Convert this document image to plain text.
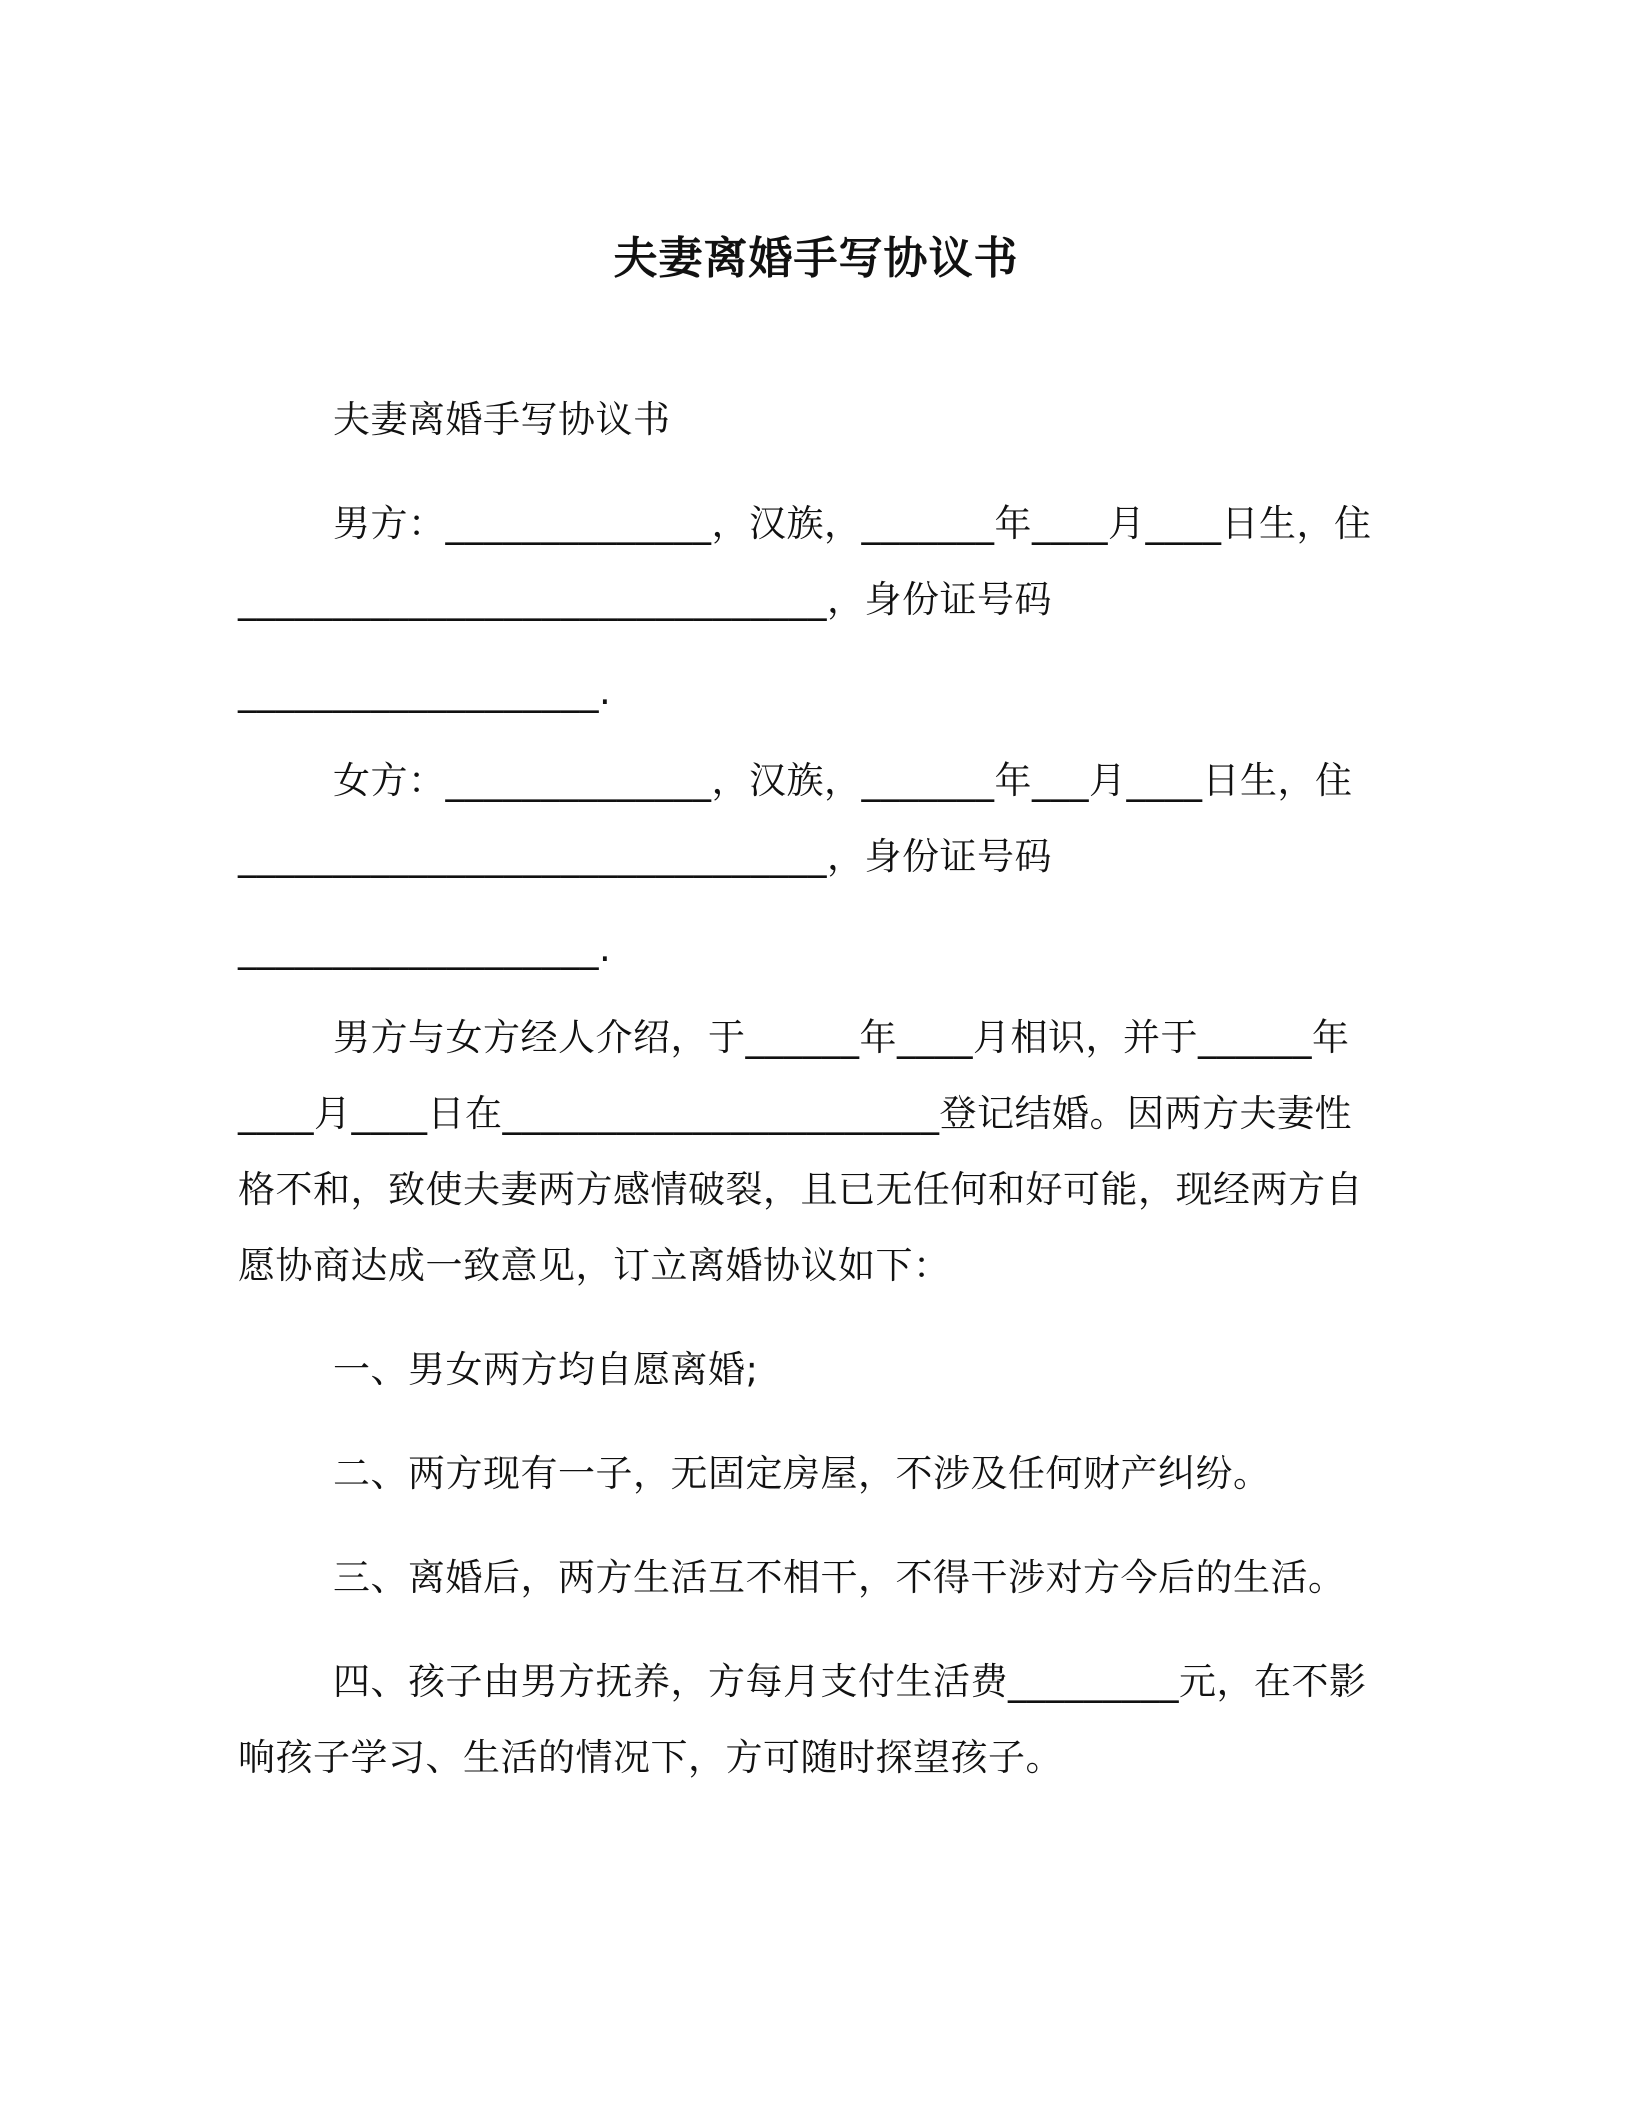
夫妻离婚手写协议书
夫妻离婚手写协议书
男方：______________，汉族，_______年____月____日生，住
_______________________________，身份证号码
___________________.
女方：______________，汉族，_______年___月____日生，住
_______________________________，身份证号码
___________________.
男方与女方经人介绍，于______年____月相识，并于______年
____月____日在_______________________登记结婚。因两方夫妻性
格不和，致使夫妻两方感情破裂，且已无任何和好可能，现经两方自
愿协商达成一致意见，订立离婚协议如下：
一、男女两方均自愿离婚;
二、两方现有一子，无固定房屋，不涉及任何财产纠纷。
三、离婚后，两方生活互不相干，不得干涉对方今后的生活。
四、孩子由男方抚养，方每月支付生活费_________元，在不影
响孩子学习、生活的情况下，方可随时探望孩子。
